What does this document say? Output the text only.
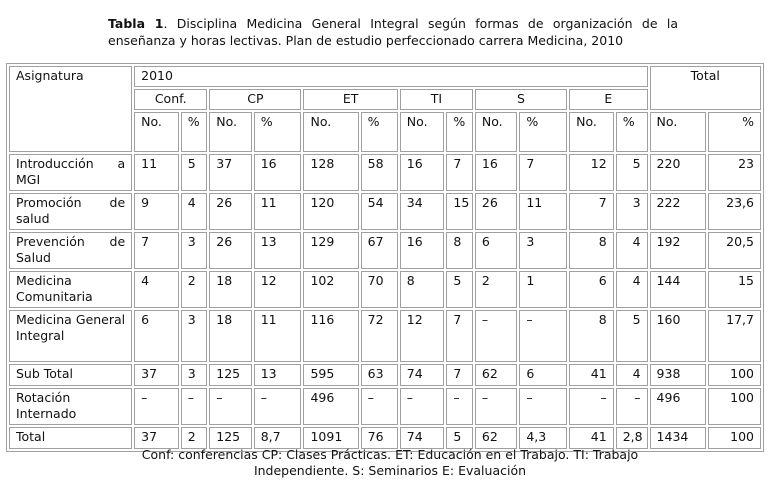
Tabla 1. Disciplina Medicina General Integral según formas de organización de la enseñanza y horas lectivas. Plan de estudio perfeccionado carrera Medicina, 2010
Asignatura	2010												Total	
	Conf.		CP		ET		TI		S		E			
	No.	%	No.	%	No.	%	No.	%	No.	%	No.	%	No.	%
Introducción a MGI	11	5	37	16	128	58	16	7	16	7	12	5	220	23
Promoción de salud	9	4	26	11	120	54	34	15	26	11	7	3	222	23,6
Prevención de Salud	7	3	26	13	129	67	16	8	6	3	8	4	192	20,5
Medicina Comunitaria	4	2	18	12	102	70	8	5	2	1	6	4	144	15
Medicina General Integral	6	3	18	11	116	72	12	7	–	–	8	5	160	17,7
Sub Total	37	3	125	13	595	63	74	7	62	6	41	4	938	100
Rotación Internado	–	–	–	–	496	–	–	–	–	–	–	–	496	100
Total	37	2	125	8,7	1091	76	74	5	62	4,3	41	2,8	1434	100
Conf: conferencias CP: Clases Prácticas. ET: Educación en el Trabajo. TI: Trabajo Independiente. S: Seminarios E: Evaluación
